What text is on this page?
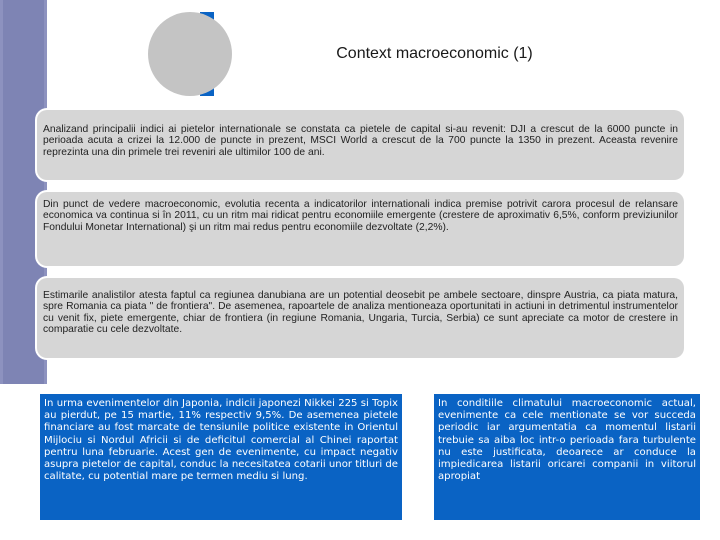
Context macroeconomic (1)
Analizand principalii indici ai pietelor internationale se constata ca pietele de capital si-au revenit: DJI a crescut de la 6000 puncte in perioada acuta a crizei la 12.000 de puncte in prezent, MSCI World a crescut de la 700 puncte la 1350 in prezent. Aceasta revenire reprezinta una din primele trei reveniri ale ultimilor 100 de ani.
Din punct de vedere macroeconomic, evolutia recenta a indicatorilor internationali indica premise potrivit carora procesul de relansare economica va continua si în 2011, cu un ritm mai ridicat pentru economiile emergente (crestere de aproximativ 6,5%, conform previziunilor Fondului Monetar International) şi un ritm mai redus pentru economiile dezvoltate (2,2%).
Estimarile analistilor atesta faptul ca regiunea danubiana are un potential deosebit pe ambele sectoare, dinspre Austria, ca piata matura, spre Romania ca piata " de frontiera". De asemenea, rapoartele de analiza mentioneaza oportunitati in actiuni in detrimentul instrumentelor cu venit fix, piete emergente, chiar de frontiera (in regiune Romania, Ungaria, Turcia, Serbia) ce sunt apreciate ca motor de crestere in comparatie cu cele dezvoltate.
In urma evenimentelor din Japonia, indicii japonezi Nikkei 225 si Topix au pierdut, pe 15 martie, 11% respectiv 9,5%. De asemenea pietele financiare au fost marcate de tensiunile politice existente in Orientul Mijlociu si Nordul Africii si de deficitul comercial al Chinei raportat pentru luna februarie. Acest gen de evenimente, cu impact negativ asupra pietelor de capital, conduc la necesitatea cotarii unor titluri de calitate, cu potential mare pe termen mediu si lung.
In conditiile climatului macroeconomic actual, evenimente ca cele mentionate se vor succeda periodic iar argumentatia ca momentul listarii trebuie sa aiba loc intr-o perioada fara turbulente nu este justificata, deoarece ar conduce la impiedicarea listarii oricarei companii in viitorul apropiat
